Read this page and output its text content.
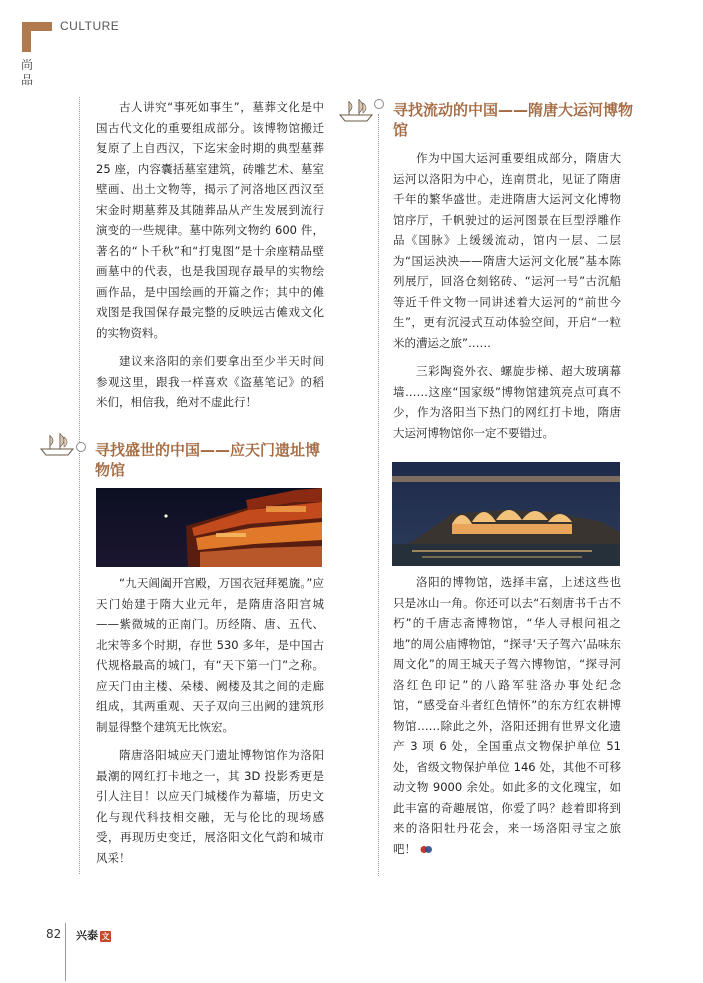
CULTURE
尚品

古人讲究“事死如事生”，墓葬文化是中国古代文化的重要组成部分。该博物馆搬迁复原了上自西汉，下迄宋金时期的典型墓葬 25 座，内容囊括墓室建筑，砖雕艺术、墓室壁画、出土文物等，揭示了河洛地区西汉至宋金时期墓葬及其随葬品从产生发展到流行演变的一些规律。墓中陈列文物约 600 件，著名的“卜千秋”和“打鬼图”是十余座精品壁画墓中的代表，也是我国现存最早的实物绘画作品，是中国绘画的开篇之作；其中的傩戏图是我国保存最完整的反映远古傩戏文化的实物资料。

建议来洛阳的亲们要拿出至少半天时间参观这里，跟我一样喜欢《盗墓笔记》的稻米们，相信我，绝对不虚此行！

寻找盛世的中国——应天门遗址博物馆

“九天阊阖开宫殿，万国衣冠拜冕旒。”应天门始建于隋大业元年，是隋唐洛阳宫城——紫微城的正南门。历经隋、唐、五代、北宋等多个时期，存世 530 多年，是中国古代规格最高的城门，有“天下第一门”之称。应天门由主楼、朵楼、阙楼及其之间的走廊组成，其两重观、天子双向三出阙的建筑形制显得整个建筑无比恢宏。

隋唐洛阳城应天门遗址博物馆作为洛阳最潮的网红打卡地之一，其 3D 投影秀更是引人注目！以应天门城楼作为幕墙，历史文化与现代科技相交融，无与伦比的现场感受，再现历史变迁，展洛阳文化气韵和城市风采！

寻找流动的中国——隋唐大运河博物馆

作为中国大运河重要组成部分，隋唐大运河以洛阳为中心，连南贯北，见证了隋唐千年的繁华盛世。走进隋唐大运河文化博物馆序厅，千帆驶过的运河图景在巨型浮雕作品《国脉》上缓缓流动，馆内一层、二层为“国运泱泱——隋唐大运河文化展”基本陈列展厅，回洛仓刻铭砖、“运河一号”古沉船等近千件文物一同讲述着大运河的“前世今生”，更有沉浸式互动体验空间，开启“一粒米的漕运之旅”……

三彩陶瓷外衣、螺旋步梯、超大玻璃幕墙……这座“国家级”博物馆建筑亮点可真不少，作为洛阳当下热门的网红打卡地，隋唐大运河博物馆你一定不要错过。

洛阳的博物馆，选择丰富，上述这些也只是冰山一角。你还可以去“石刻唐书千古不朽”的千唐志斋博物馆，“华人寻根问祖之地”的周公庙博物馆，“探寻‘天子驾六’品味东周文化”的周王城天子驾六博物馆，“探寻河洛红色印记”的八路军驻洛办事处纪念馆，“感受奋斗者红色情怀”的东方红农耕博物馆……除此之外，洛阳还拥有世界文化遗产 3 项 6 处，全国重点文物保护单位 51 处，省级文物保护单位 146 处，其他不可移动文物 9000 余处。如此多的文化瑰宝，如此丰富的奇趣展馆，你爱了吗？趁着即将到来的洛阳牡丹花会，来一场洛阳寻宝之旅吧！

82 兴泰 文
